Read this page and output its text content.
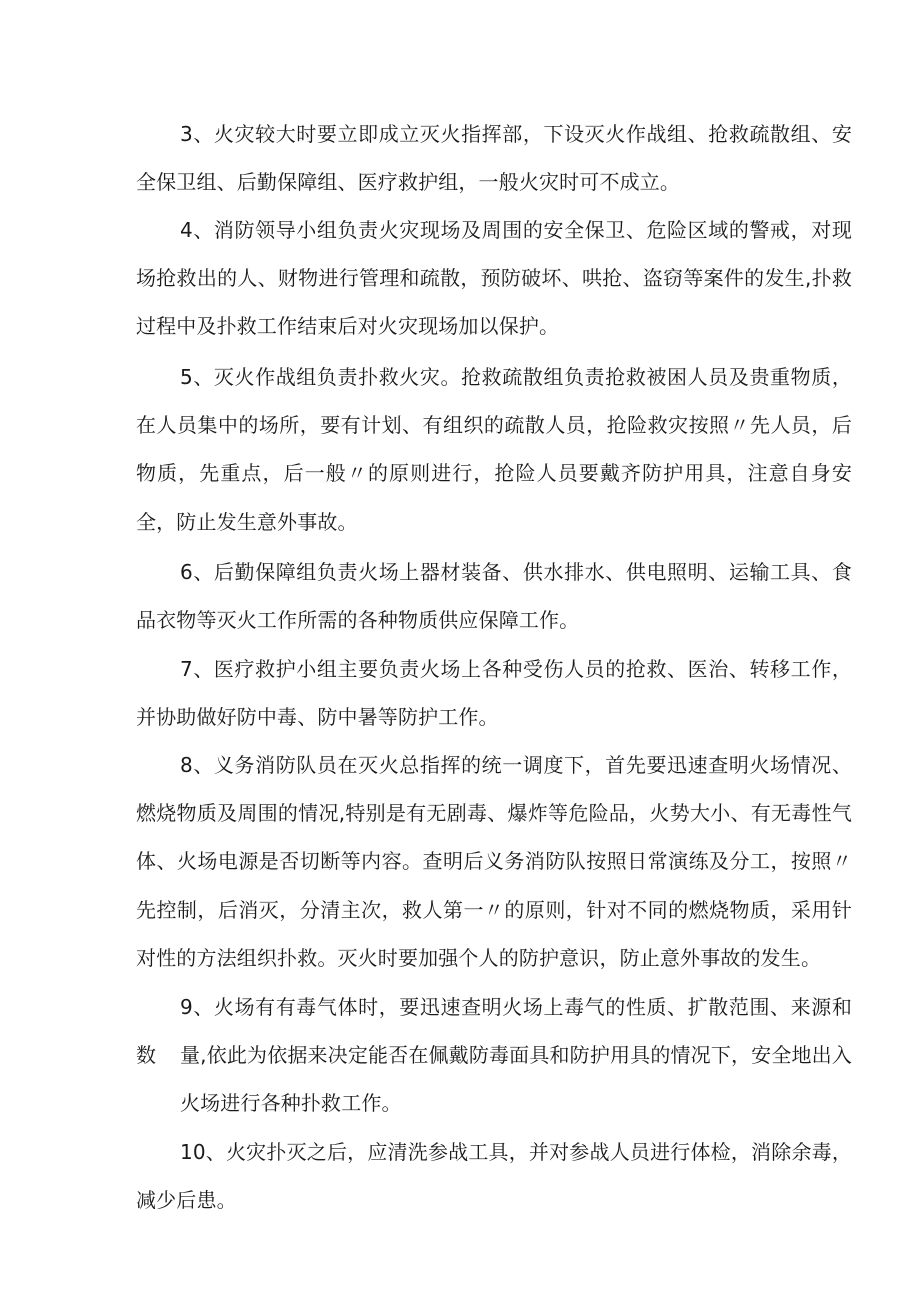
3、火灾较大时要立即成立灭火指挥部，下设灭火作战组、抢救疏散组、安全保卫组、后勤保障组、医疗救护组，一般火灾时可不成立。

4、消防领导小组负责火灾现场及周围的安全保卫、危险区域的警戒，对现场抢救出的人、财物进行管理和疏散，预防破坏、哄抢、盗窃等案件的发生,扑救过程中及扑救工作结束后对火灾现场加以保护。

5、灭火作战组负责扑救火灾。抢救疏散组负责抢救被困人员及贵重物质，在人员集中的场所，要有计划、有组织的疏散人员，抢险救灾按照〃先人员，后物质，先重点，后一般〃的原则进行，抢险人员要戴齐防护用具，注意自身安全，防止发生意外事故。

6、后勤保障组负责火场上器材装备、供水排水、供电照明、运输工具、食品衣物等灭火工作所需的各种物质供应保障工作。

7、医疗救护小组主要负责火场上各种受伤人员的抢救、医治、转移工作，并协助做好防中毒、防中暑等防护工作。

8、义务消防队员在灭火总指挥的统一调度下，首先要迅速查明火场情况、燃烧物质及周围的情况,特别是有无剧毒、爆炸等危险品，火势大小、有无毒性气体、火场电源是否切断等内容。查明后义务消防队按照日常演练及分工，按照〃先控制，后消灭，分清主次，救人第一〃的原则，针对不同的燃烧物质，采用针对性的方法组织扑救。灭火时要加强个人的防护意识，防止意外事故的发生。

9、火场有有毒气体时，要迅速查明火场上毒气的性质、扩散范围、来源和数	量,依此为依据来决定能否在佩戴防毒面具和防护用具的情况下，安全地出入火场进行各种扑救工作。

10、火灾扑灭之后，应清洗参战工具，并对参战人员进行体检，消除余毒，减少后患。
